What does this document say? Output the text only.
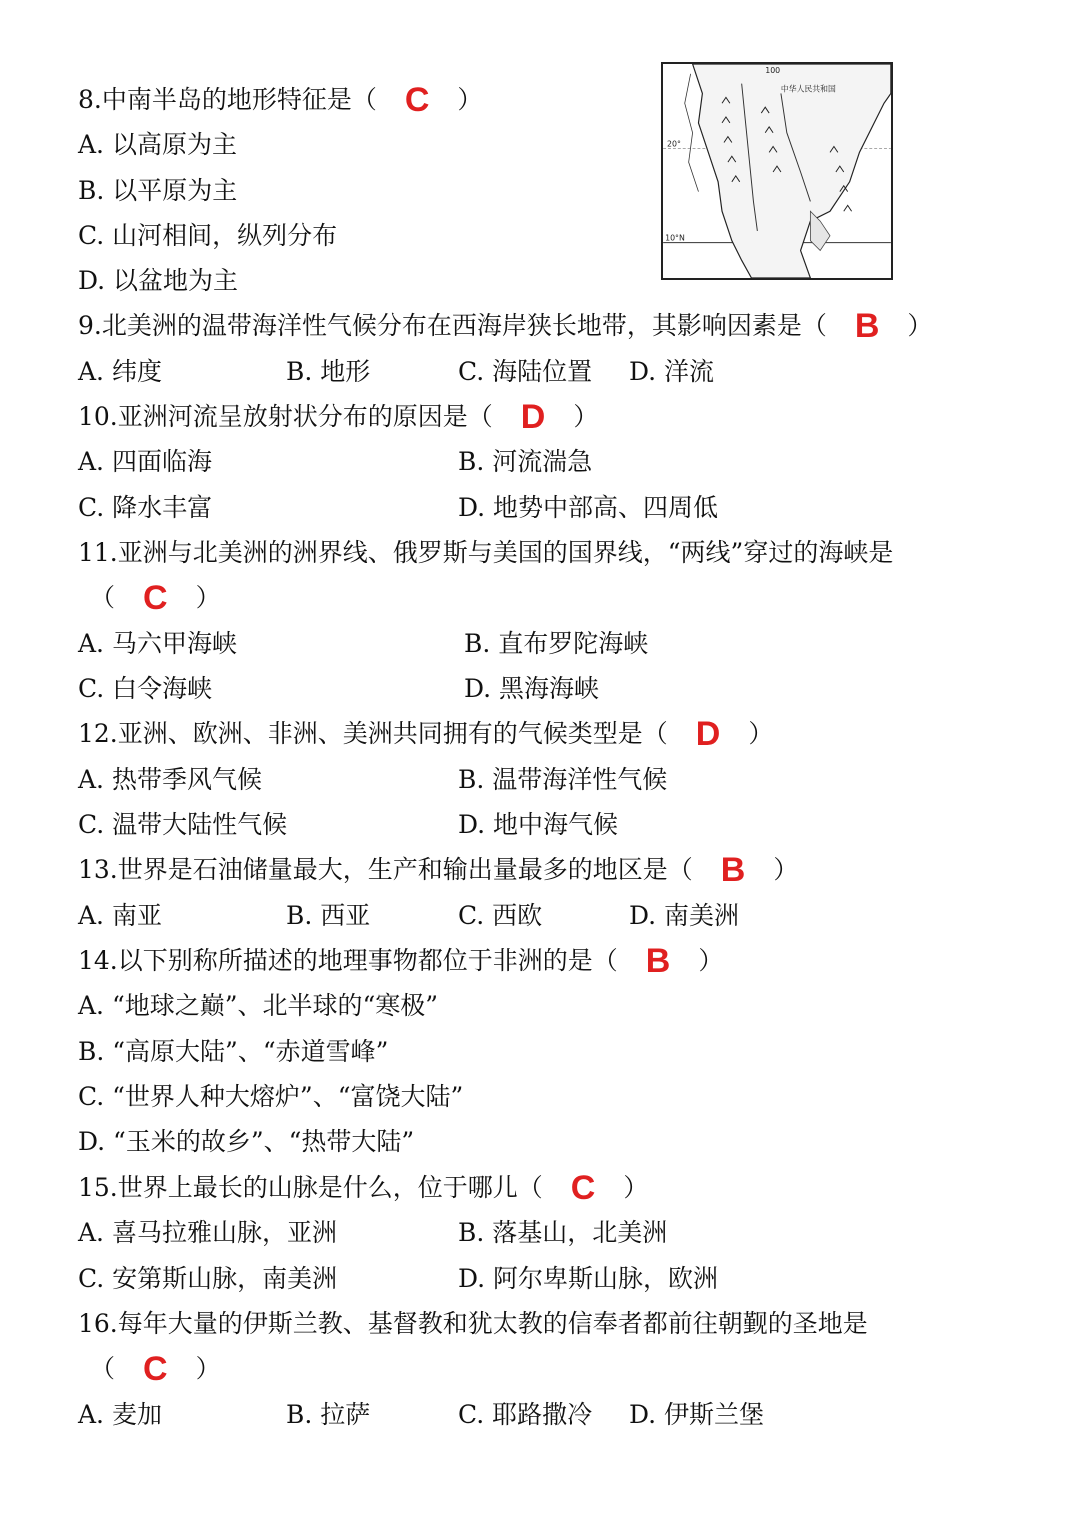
100
20°
10°N
中华人民共和国
8.中南半岛的地形特征是（ C ）
A. 以高原为主
B. 以平原为主
C. 山河相间，纵列分布
D. 以盆地为主
9.北美洲的温带海洋性气候分布在西海岸狭长地带，其影响因素是（ B ）
A. 纬度	B. 地形	C. 海陆位置 D. 洋流
10.亚洲河流呈放射状分布的原因是（ D ）
A. 四面临海	B. 河流湍急
C. 降水丰富	D. 地势中部高、四周低
11.亚洲与北美洲的洲界线、俄罗斯与美国的国界线，“两线”穿过的海峡是
（ C ）
A. 马六甲海峡	B. 直布罗陀海峡
C. 白令海峡	D. 黑海海峡
12.亚洲、欧洲、非洲、美洲共同拥有的气候类型是（ D ）
A. 热带季风气候	B. 温带海洋性气候
C. 温带大陆性气候	D. 地中海气候
13.世界是石油储量最大，生产和输出量最多的地区是（ B ）
A. 南亚	B. 西亚	C. 西欧	D. 南美洲
14.以下别称所描述的地理事物都位于非洲的是（ B ）
A. “地球之巅”、北半球的“寒极”
B. “高原大陆”、“赤道雪峰”
C. “世界人种大熔炉”、“富饶大陆”
D. “玉米的故乡”、“热带大陆”
15.世界上最长的山脉是什么，位于哪儿（ C ）
A. 喜马拉雅山脉，亚洲	B. 落基山，北美洲
C. 安第斯山脉，南美洲	D. 阿尔卑斯山脉，欧洲
16.每年大量的伊斯兰教、基督教和犹太教的信奉者都前往朝觐的圣地是
（ C ）
A. 麦加	B. 拉萨	C. 耶路撒冷 D. 伊斯兰堡
